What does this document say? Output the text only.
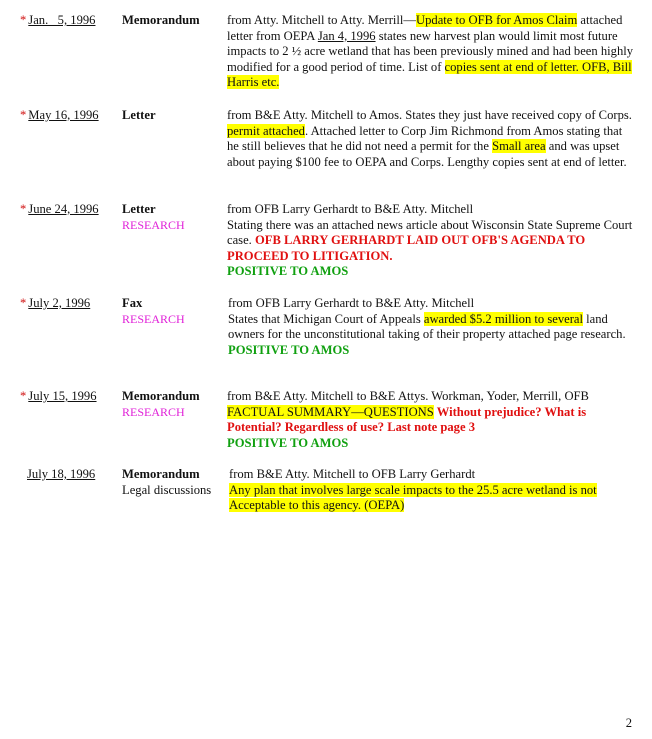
* Jan.   5, 1996 Memorandum from Atty. Mitchell to Atty. Merrill—Update to OFB for Amos Claim attached letter from OEPA Jan 4, 1996 states new harvest plan would limit most future impacts to 2 ½ acre wetland that has been previously mined and had been highly modified for a good period of time. List of copies sent at end of letter. OFB, Bill Harris etc.
* May 16, 1996 Letter	from B&E Atty. Mitchell to Amos. States they just have received copy of Corps. permit attached. Attached letter to Corp Jim Richmond from Amos stating that he still believes that he did not need a permit for the Small area and was upset about paying $100 fee to OEPA and Corps. Lengthy copies sent at end of letter.
* June 24, 1996 Letter
RESEARCH
from OFB Larry Gerhardt to B&E Atty. Mitchell
Stating there was an attached news article about Wisconsin State Supreme Court case. OFB LARRY GERHARDT LAID OUT OFB'S AGENDA TO PROCEED TO LITIGATION.
POSITIVE TO AMOS
* July 2, 1996	Fax
RESEARCH
from OFB Larry Gerhardt to B&E Atty. Mitchell
States that Michigan Court of Appeals awarded $5.2 million to several land owners for the unconstitutional taking of their property attached page research.
POSITIVE TO AMOS
* July 15, 1996 Memorandum
RESEARCH
from B&E Atty. Mitchell to B&E Attys. Workman, Yoder, Merrill, OFB
FACTUAL SUMMARY—QUESTIONS Without prejudice? What is Potential? Regardless of use? Last note page 3
POSITIVE TO AMOS
July 18, 1996 Memorandum
Legal discussions
from B&E Atty. Mitchell to OFB Larry Gerhardt
Any plan that involves large scale impacts to the 25.5 acre wetland is not Acceptable to this agency. (OEPA)
2
